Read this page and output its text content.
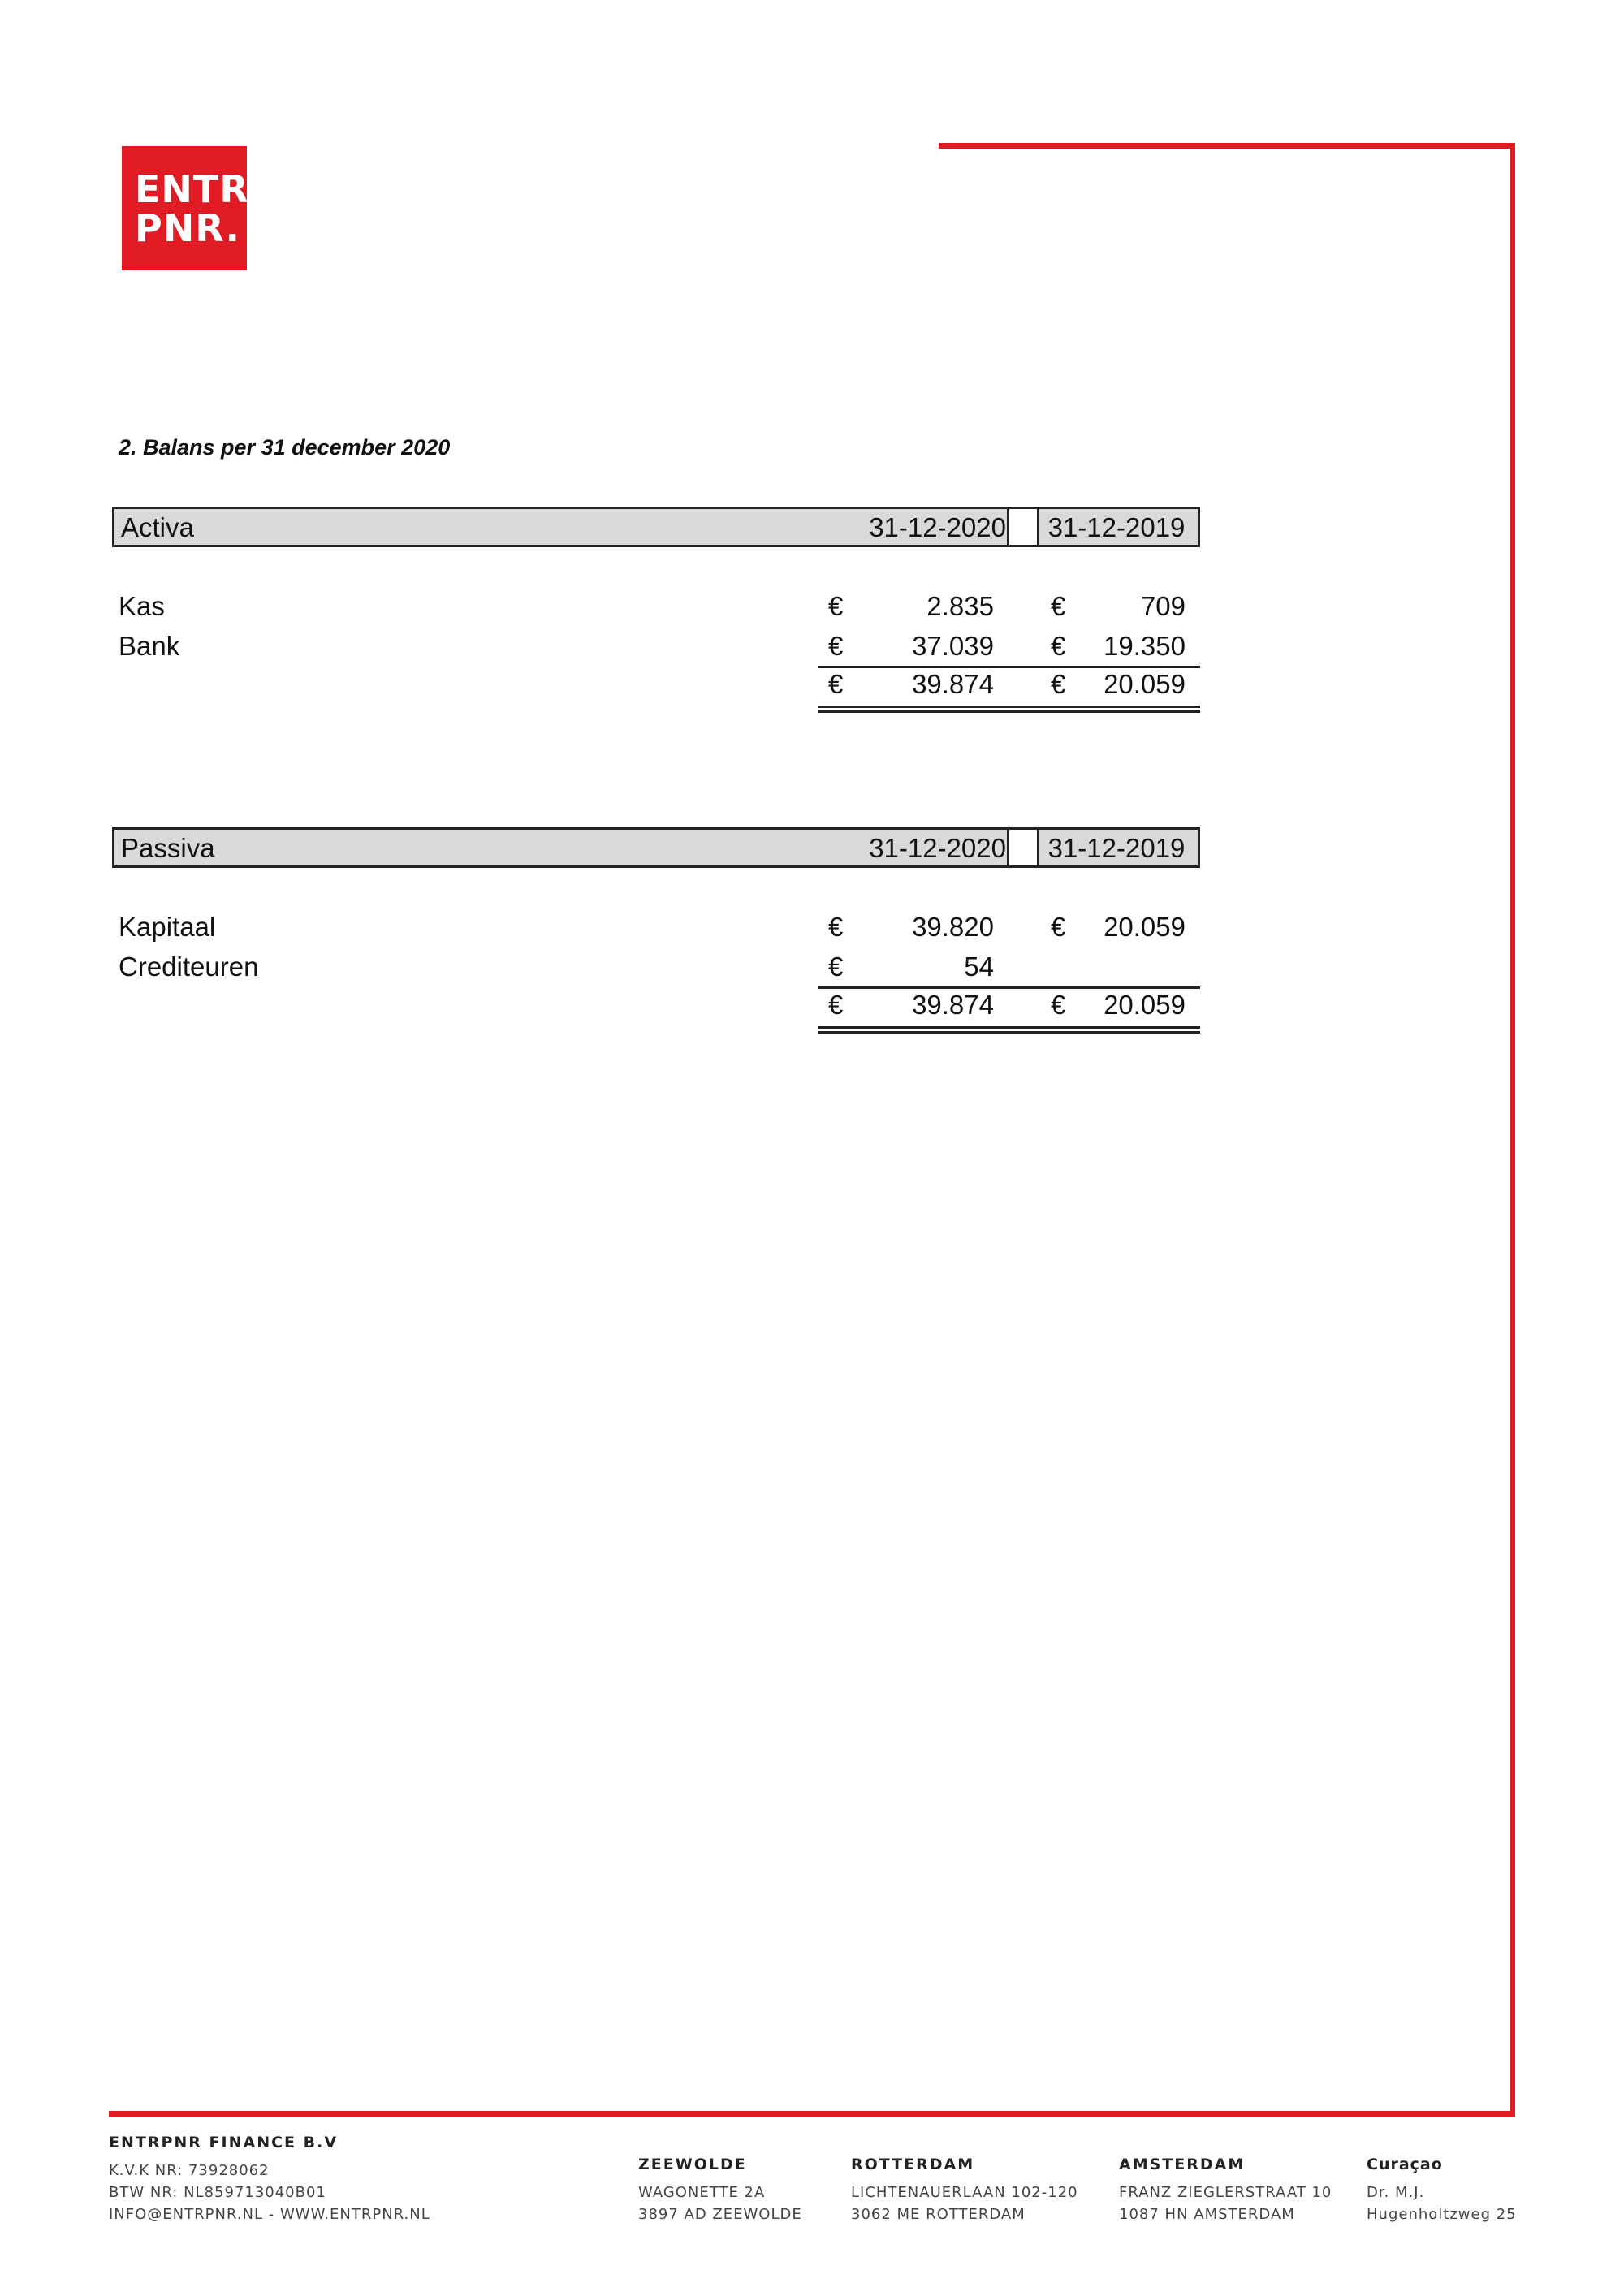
ENTR
PNR.
2. Balans per 31 december 2020
Activa	31-12-2020	31-12-2019
Kas	€	2.835 €	709
Bank	€	37.039 €	19.350
€	39.874 €	20.059
Passiva	31-12-2020	31-12-2019
Kapitaal	€	39.820 €	20.059
Crediteuren	€	54
€	39.874 €	20.059
ENTRPNR FINANCE B.V
K.V.K NR: 73928062
BTW NR: NL859713040B01
INFO@ENTRPNR.NL - WWW.ENTRPNR.NL
ZEEWOLDE
WAGONETTE 2A
3897 AD ZEEWOLDE
ROTTERDAM
LICHTENAUERLAAN 102-120
3062 ME ROTTERDAM
AMSTERDAM
FRANZ ZIEGLERSTRAAT 10
1087 HN AMSTERDAM
Curaçao
Dr. M.J.
Hugenholtzweg 25
